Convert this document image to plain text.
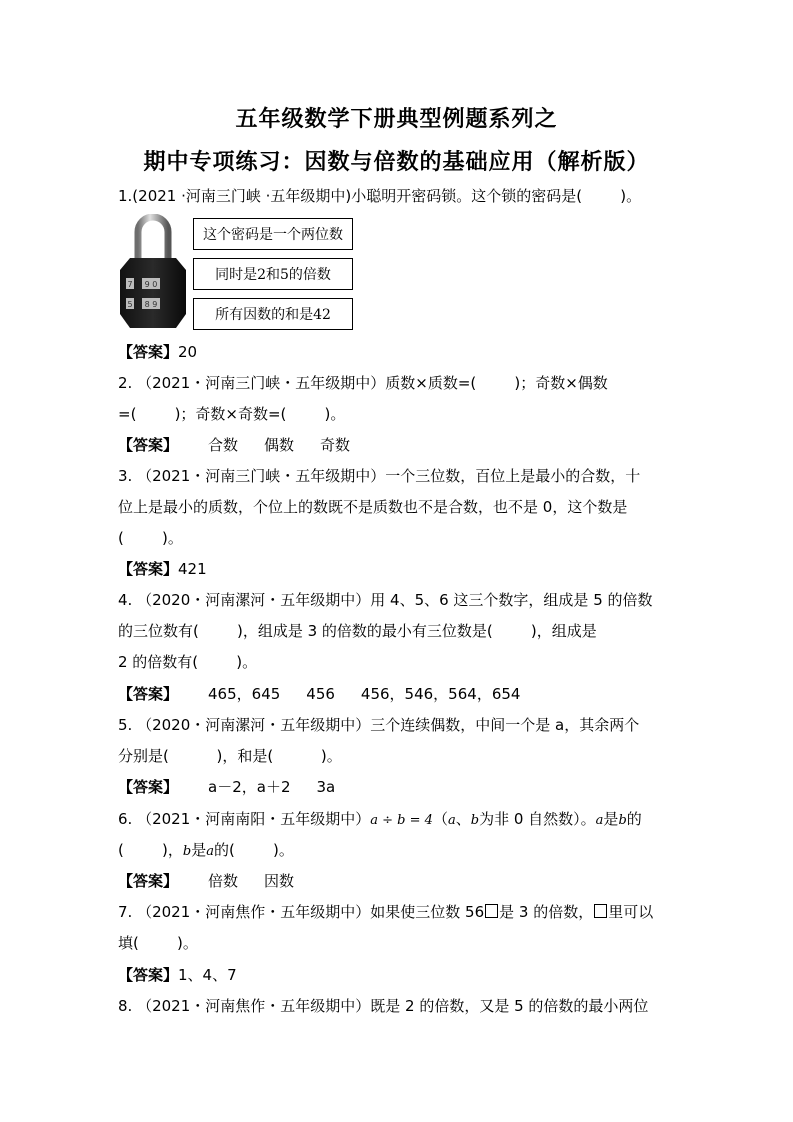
五年级数学下册典型例题系列之
期中专项练习：因数与倍数的基础应用（解析版）
1.(2021 ·河南三门峡 ·五年级期中)小聪明开密码锁。这个锁的密码是(        )。
7 9 0
5 8 9
这个密码是一个两位数
同时是2和5的倍数
所有因数的和是42
【答案】20
2. （2021・河南三门峡・五年级期中）质数×质数=(        )；奇数×偶数
=(        )；奇数×奇数=(        )。
【答案】 合数 偶数 奇数
3. （2021・河南三门峡・五年级期中）一个三位数，百位上是最小的合数，十
位上是最小的质数，个位上的数既不是质数也不是合数，也不是 0，这个数是
(        )。
【答案】421
4. （2020・河南漯河・五年级期中）用 4、5、6 这三个数字，组成是 5 的倍数
的三位数有(        )，组成是 3 的倍数的最小有三位数是(        )，组成是
2 的倍数有(        )。
【答案】 465，645 456 456，546，564，654
5. （2020・河南漯河・五年级期中）三个连续偶数，中间一个是 a，其余两个
分别是(          )，和是(          )。
【答案】 a－2，a＋2 3a
6. （2021・河南南阳・五年级期中）a ÷ b = 4（a、b为非 0 自然数）。a是b的
(        )，b是a的(        )。
【答案】 倍数 因数
7. （2021・河南焦作・五年级期中）如果使三位数 56 是 3 的倍数， 里可以
填(        )。
【答案】1、4、7
8. （2021・河南焦作・五年级期中）既是 2 的倍数，又是 5 的倍数的最小两位
